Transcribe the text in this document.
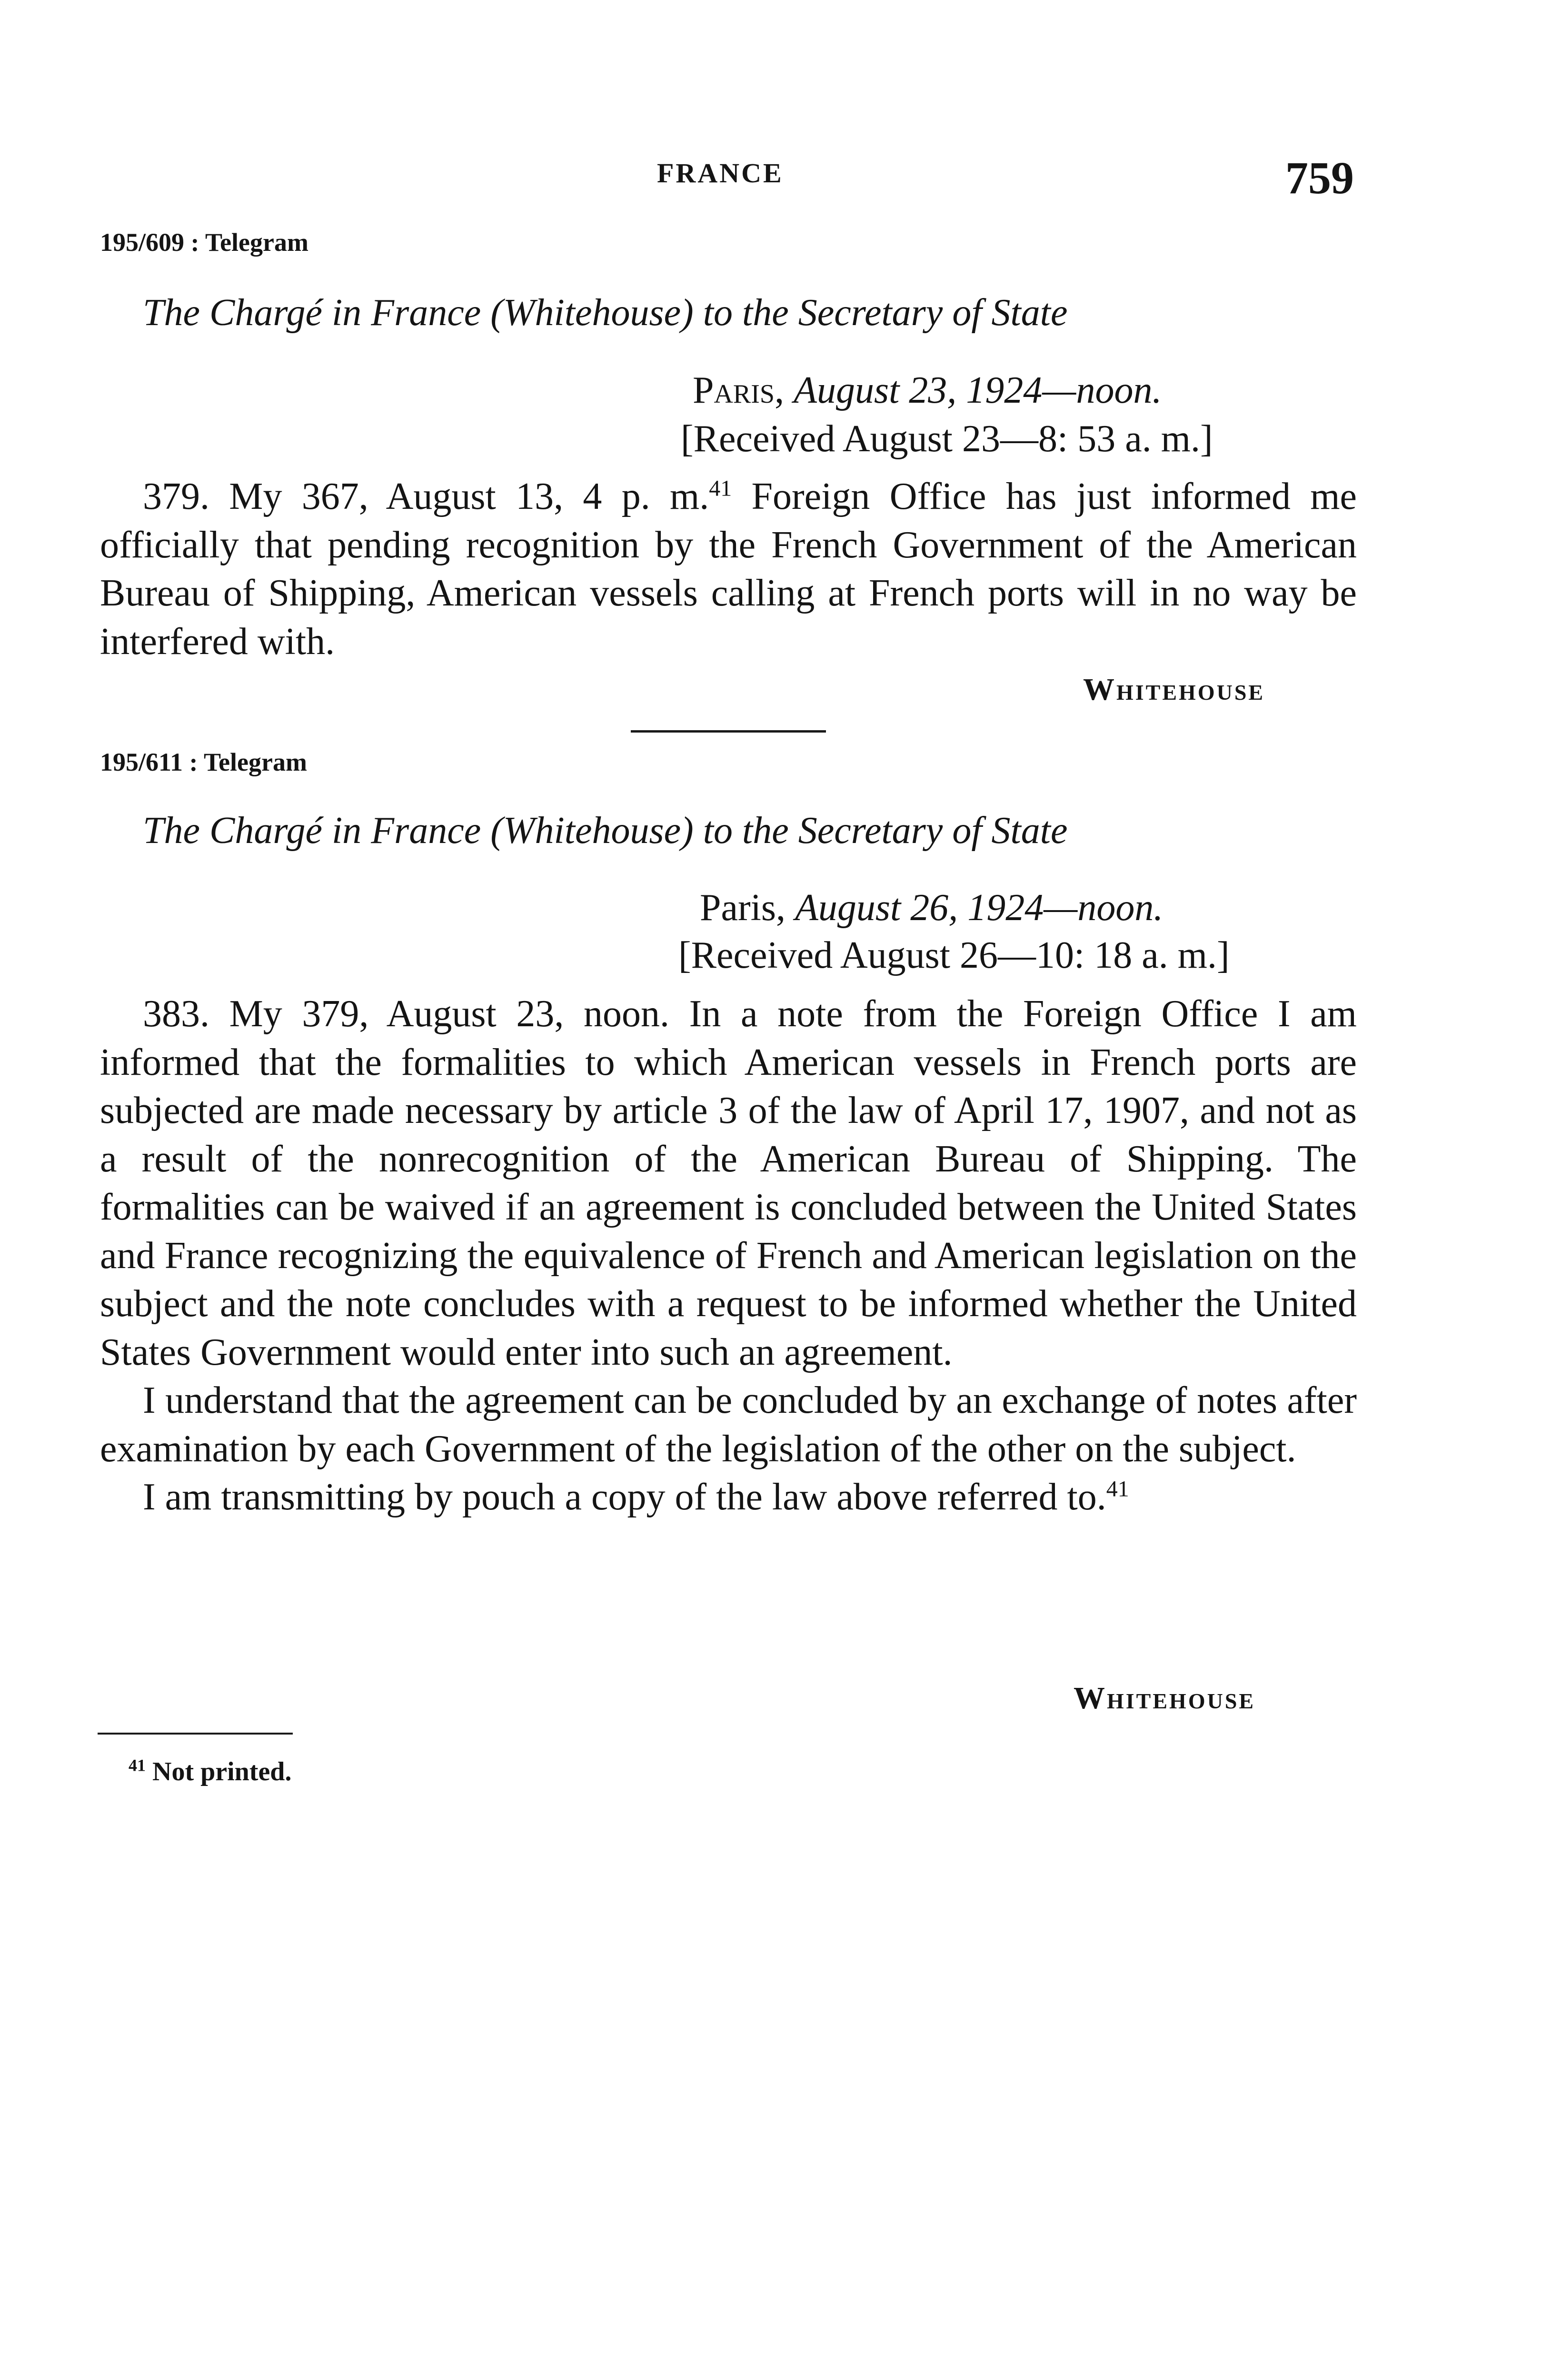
FRANCE	759
195/609 : Telegram
The Chargé in France (Whitehouse) to the Secretary of State
Paris, August 23, 1924—noon.
[Received August 23—8: 53 a. m.]

379. My 367, August 13, 4 p. m.$^{41}$ Foreign Office has just informed me officially that pending recognition by the French Government of the American Bureau of Shipping, American vessels calling at French ports will in no way be interfered with.

Whitehouse
195/611 : Telegram
The Chargé in France (Whitehouse) to the Secretary of State
Paris, August 26, 1924—noon.
[Received August 26—10: 18 a. m.]

383. My 379, August 23, noon. In a note from the Foreign Office I am informed that the formalities to which American vessels in French ports are subjected are made necessary by article 3 of the law of April 17, 1907, and not as a result of the nonrecognition of the American Bureau of Shipping. The formalities can be waived if an agreement is concluded between the United States and France recognizing the equivalence of French and American legislation on the subject and the note concludes with a request to be informed whether the United States Government would enter into such an agreement.

I understand that the agreement can be concluded by an exchange of notes after examination by each Government of the legislation of the other on the subject.

I am transmitting by pouch a copy of the law above referred to.$^{41}$

Whitehouse
$^{41}$ Not printed.
